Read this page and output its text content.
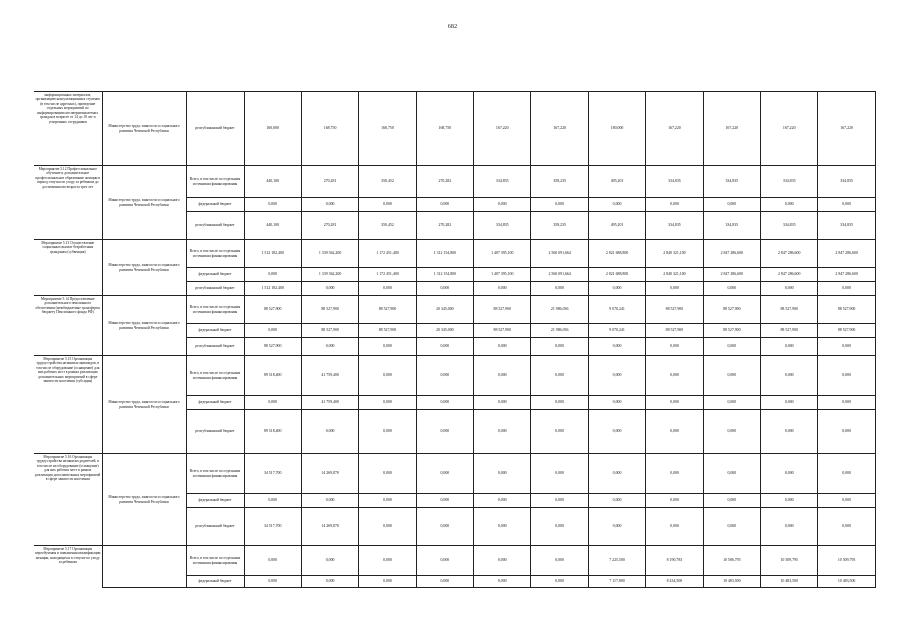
682
информационных материалов, организацию консультационных ступенек (в том числе адресных), проведение отдельных мероприятий по информированию несовершеннолетних граждан в возрасте от 14 до 18 лет и ускоренных сотрудников	Министерство труда, занятости и социального развития Чеченской Республики	республиканский бюджет	160,000	168,750	168,750	168,750	167,220	167,220	180,000	167,220	167,220	167,220	167,220
Мероприятие 5.12 Профессиональное обучение и дополнительное профессиональное образование женщин в период отпуска по уходу за ребенком до достижения им возраста трех лет	Министерство труда, занятости и социального развития Чеченской Республики	Всего, в том числе по отдельным источникам финансирования	440,100	270,281	350,452	270,282	334,835	358,235	495,201	334,835	334,835	334,835	334,835
		федеральный бюджет	0,000	0,000	0,000	0,000	0,000	0,000	0,000	0,000	0,000	0,000	0,000
		республиканский бюджет	440,100	270,281	350,452	270,282	334,835	358,235	495,201	334,835	334,835	334,835	334,835
Мероприятие 5.13 Осуществление социальных выплат безработным гражданам (субвенция)	Министерство труда, занятости и социального развития Чеченской Республики	Всего, в том числе по отдельным источникам финансирования	1 512 182,400	1 339 362,200	1 172 451,400	1 312 154,800	1 407 395,100	2 560 091,664	2 821 688,800	2 840 321,100	2 847 286,600	2 847 286,600	2 847 286,600
		федеральный бюджет	0,000	1 339 362,200	1 172 451,400	1 312 154,800	1 407 395,100	2 560 091,664	2 821 688,800	2 840 321,100	2 847 286,600	2 847 286,600	2 847 286,600
		республиканский бюджет	1 512 182,400	0,000	0,000	0,000	0,000	0,000	0,000	0,000	0,000	0,000	0,000
Мероприятие 5.14 Предоставление дополнительного пенсионного обеспечения (межбюджетные трансферты бюджету Пенсионного фонда РФ)	Министерство труда, занятости и социального развития Чеченской Республики	Всего, в том числе по отдельным источникам финансирования	88 527,900	88 527,900	88 527,900	20 345,000	88 527,900	21 986,036	9 070,241	88 527,900	88 527,900	88 527,900	88 527,900
		федеральный бюджет	0,000	88 527,900	88 527,900	20 345,000	88 527,900	21 986,036	9 070,241	88 527,900	88 527,900	88 527,900	88 527,900
		республиканский бюджет	88 527,900	0,000	0,000	0,000	0,000	0,000	0,000	0,000	0,000	0,000	0,000
Мероприятие 5.15 Организация трудоустройства незанятых инвалидов, в том числе оборудование (оснащение) для них рабочих мест в рамках реализации дополнительных мероприятий в сфере занятости населения (субсидия)	Министерство труда, занятости и социального развития Чеченской Республики	Всего, в том числе по отдельным источникам финансирования	89 518,400	41 759,400	0,000	0,000	0,000	0,000	0,000	0,000	0,000	0,000	0,000
		федеральный бюджет	0,000	41 759,400	0,000	0,000	0,000	0,000	0,000	0,000	0,000	0,000	0,000
		республиканский бюджет	89 518,400	0,000	0,000	0,000	0,000	0,000	0,000	0,000	0,000	0,000	0,000
Мероприятие 5.16 Организация трудоустройства незанятых родителей, в том числе на оборудование (оснащение) для них рабочих мест в рамках реализации дополнительных мероприятий в сфере занятости населения	Министерство труда, занятости и социального развития Чеченской Республики	Всего, в том числе по отдельным источникам финансирования	34 517,700	14 269,870	0,000	0,000	0,000	0,000	0,000	0,000	0,000	0,000	0,000
		федеральный бюджет	0,000	0,000	0,000	0,000	0,000	0,000	0,000	0,000	0,000	0,000	0,000
		республиканский бюджет	34 517,700	14 269,870	0,000	0,000	0,000	0,000	0,000	0,000	0,000	0,000	0,000
Мероприятие 5.17 Организация переобучения и повышения квалификации женщин, находящихся в отпуске по уходу за ребенком		Всего, в том числе по отдельным источникам финансирования	0,000	0,000	0,000	0,000	0,000	0,000	7 225,500	8 190,783	10 586,795	10 509,795	10 509,795
		федеральный бюджет	0,000	0,000	0,000	0,000	0,000	0,000	7 117,800	8 434,500	10 483,500	10 483,500	10 483,500
